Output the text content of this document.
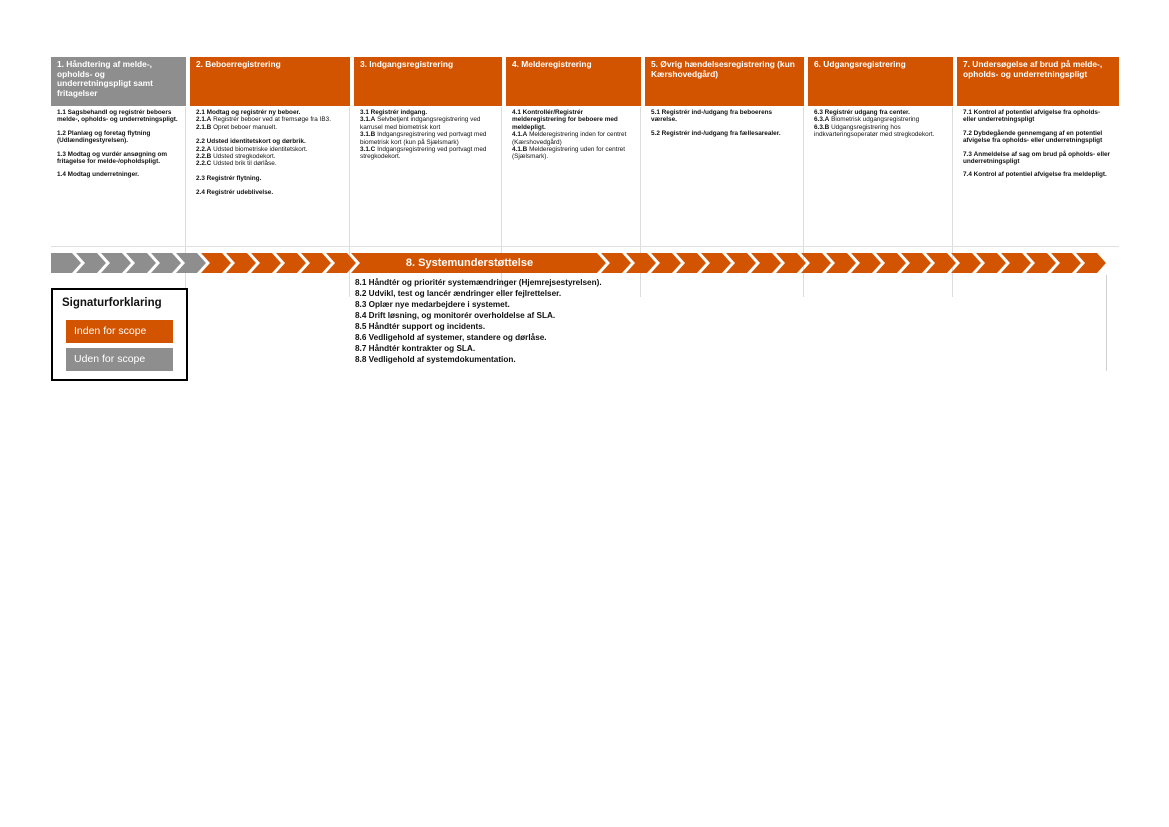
1. Håndtering af melde-, opholds- og underretningspligt samt fritagelser

1.1 Sagsbehandl og registrér beboers melde-, opholds- og underretningspligt.

1.2 Planlæg og foretag flytning (Udlændingestyrelsen).

1.3 Modtag og vurdér ansøgning om fritagelse for melde-/opholdspligt.

1.4 Modtag underretninger.

2. Beboerregistrering

2.1 Modtag og registrér ny beboer.

2.1.A Registrér beboer ved at fremsøge fra IB3.

2.1.B Opret beboer manuelt.

2.2 Udsted identitetskort og dørbrik.

2.2.A Udsted biometriske identitetskort.

2.2.B Udsted stregkodekort.

2.2.C Udsted brik til dørlåse.

2.3 Registrér flytning.

2.4 Registrér udeblivelse.

3. Indgangsregistrering

3.1 Registrér indgang.

3.1.A Selvbetjent indgangsregistrering ved karrusel med biometrisk kort

3.1.B Indgangsregistrering ved portvagt med biometrisk kort (kun på Sjælsmark)

3.1.C Indgangsregistrering ved portvagt med stregkodekort.

4. Melderegistrering

4.1 Kontrollér/Registrér melderegistrering for beboere med meldepligt.

4.1.A Melderegistrering inden for centret (Kærshovedgård)

4.1.B Melderegistrering uden for centret (Sjælsmark).

5. Øvrig hændelsesregistrering (kun Kærshovedgård)

5.1 Registrér ind-/udgang fra beboerens værelse.

5.2 Registrér ind-/udgang fra fællesarealer.

6. Udgangsregistrering

6.3 Registrér udgang fra center.

6.3.A Biometrisk udgangsregistrering

6.3.B Udgangsregistrering hos indkvarteringsoperatør med stregkodekort.

7. Undersøgelse af brud på melde-, opholds- og underretningspligt

7.1 Kontrol af potentiel afvigelse fra opholds- eller underretningspligt

7.2 Dybdegående gennemgang af en potentiel afvigelse fra opholds- eller underretningspligt

7.3 Anmeldelse af sag om brud på opholds- eller underretningspligt

7.4 Kontrol af potentiel afvigelse fra meldepligt.

8. Systemunderstøttelse

8.1 Håndtér og prioritér systemændringer (Hjemrejsestyrelsen).

8.2 Udvikl, test og lancér ændringer eller fejlrettelser.

8.3 Oplær nye medarbejdere i systemet.

8.4 Drift løsning, og monitorér overholdelse af SLA.

8.5 Håndtér support og incidents.

8.6 Vedligehold af systemer, standere og dørlåse.

8.7 Håndtér kontrakter og SLA.

8.8 Vedligehold af systemdokumentation.

Signaturforklaring
Inden for scope
Uden for scope
